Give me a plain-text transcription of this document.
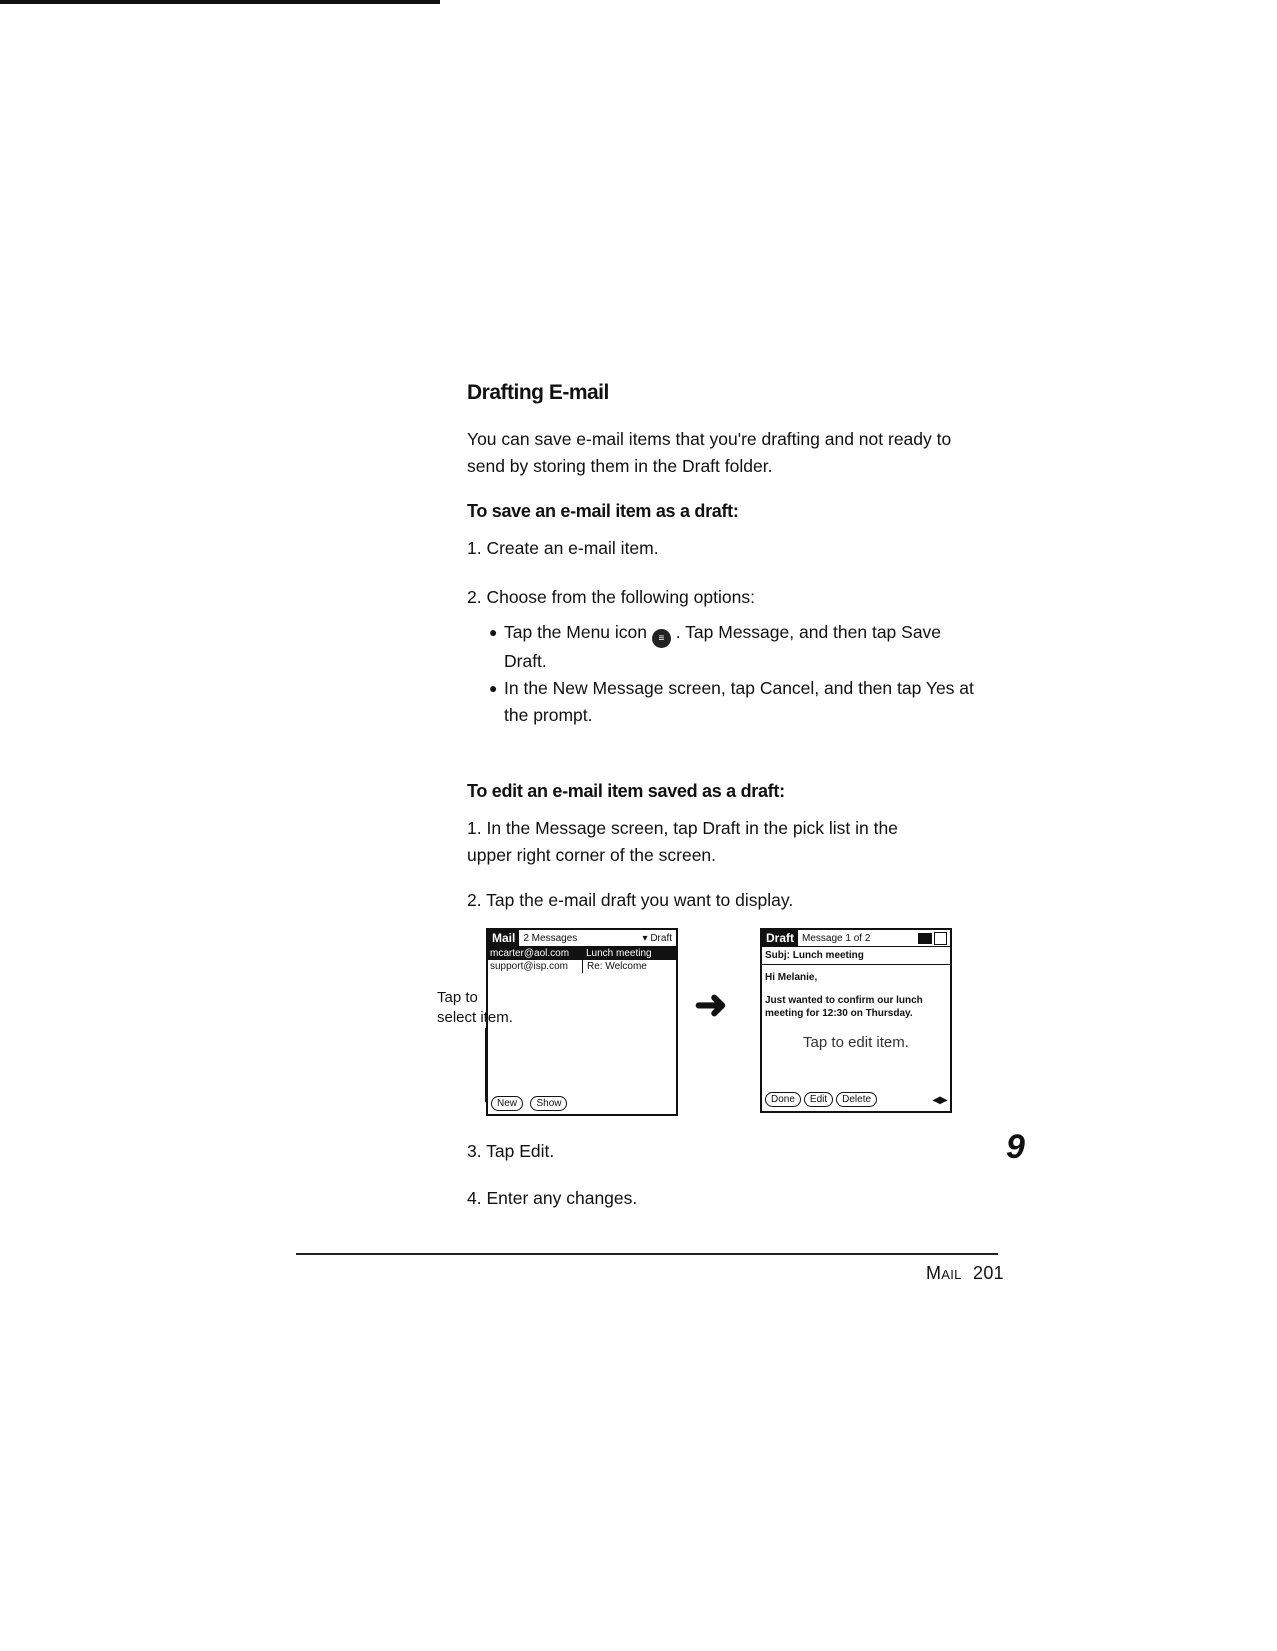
Drafting E-mail
You can save e-mail items that you're drafting and not ready to send by storing them in the Draft folder.
To save an e-mail item as a draft:
1. Create an e-mail item.
2. Choose from the following options:
● Tap the Menu icon ≡ . Tap Message, and then tap Save Draft.
● In the New Message screen, tap Cancel, and then tap Yes at the prompt.
To edit an e-mail item saved as a draft:
1. In the Message screen, tap Draft in the pick list in the upper right corner of the screen.
2. Tap the e-mail draft you want to display.
Mail 2 Messages	▾ Draft
mcarter@aol.com	Lunch meeting
support@isp.com	Re: Welcome
New Show
Tap to select item.	➜
Draft Message 1 of 2
Subj: Lunch meeting
Hi Melanie,
Just wanted to confirm our lunch meeting for 12:30 on Thursday.
Tap to edit item.
Done	Edit	Delete	◂▸
3. Tap Edit.	9
4. Enter any changes.
Mail 201
